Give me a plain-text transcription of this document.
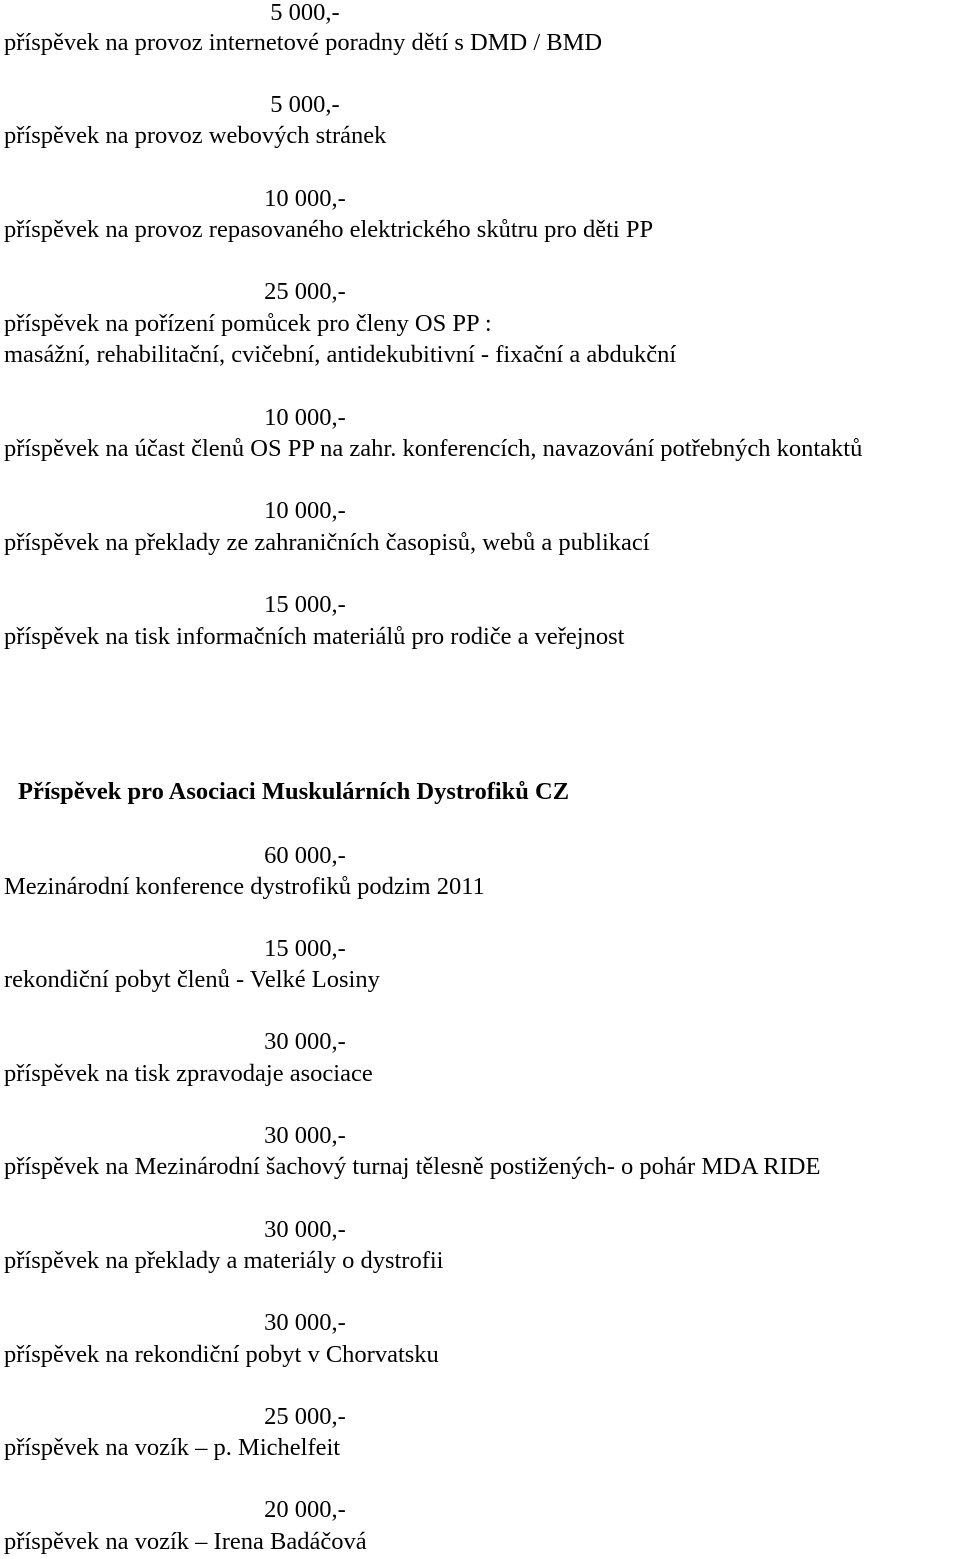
5 000,-
příspěvek na provoz internetové poradny dětí s DMD / BMD
5 000,-
příspěvek na provoz webových stránek
10 000,-
příspěvek na provoz repasovaného elektrického skůtru pro děti PP
25 000,-
příspěvek na pořízení pomůcek pro členy OS PP :
masážní, rehabilitační, cvičební, antidekubitivní - fixační a abdukční
10 000,-
příspěvek na účast členů OS PP na zahr. konferencích, navazování potřebných kontaktů
10 000,-
příspěvek na překlady ze zahraničních časopisů, webů a publikací
15 000,-
příspěvek na tisk informačních materiálů pro rodiče a veřejnost
Příspěvek pro Asociaci Muskulárních Dystrofiků CZ
60 000,-
Mezinárodní konference dystrofiků podzim 2011
15 000,-
rekondiční pobyt členů - Velké Losiny
30 000,-
příspěvek na tisk zpravodaje asociace
30 000,-
příspěvek na Mezinárodní šachový turnaj tělesně postižených- o pohár MDA RIDE
30 000,-
příspěvek na překlady a materiály o dystrofii
30 000,-
příspěvek na rekondiční pobyt v Chorvatsku
25 000,-
příspěvek na vozík – p. Michelfeit
20 000,-
příspěvek na vozík – Irena Badáčová
